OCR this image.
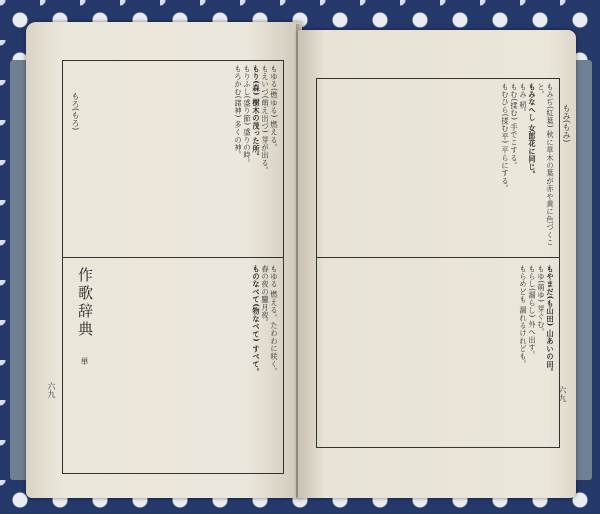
もゆる(燃ゆる) 燃える。

もえいづ(萌え出づ) 芽が出る。

もり(森) 樹木の茂った所。

もりふし(盛り節) 盛りの時。

もろかむ(諸神) 多くの神。

作歌辞典
単	もゆる 燃える。たわわに咲く。

春の夜の朧月夜。

ものなべて(物なべて) すべて。

もろ(もろ)
六九

もみぢ(紅葉) 秋に草木の葉が赤や黄に色づくこと。

もみなへし 女郎花に同じ。

もみ 籾。

もむ(揉む) 手でこする。

もむひら(揉む平) 平らにする。

もやまだ(も山田) 山あいの田。

もゆ(萌ゆ) 芽ぐむ。

もらし(漏らし) 外へ出す。

もらめども 漏れるけれども。

もみ(もみ)
六九
